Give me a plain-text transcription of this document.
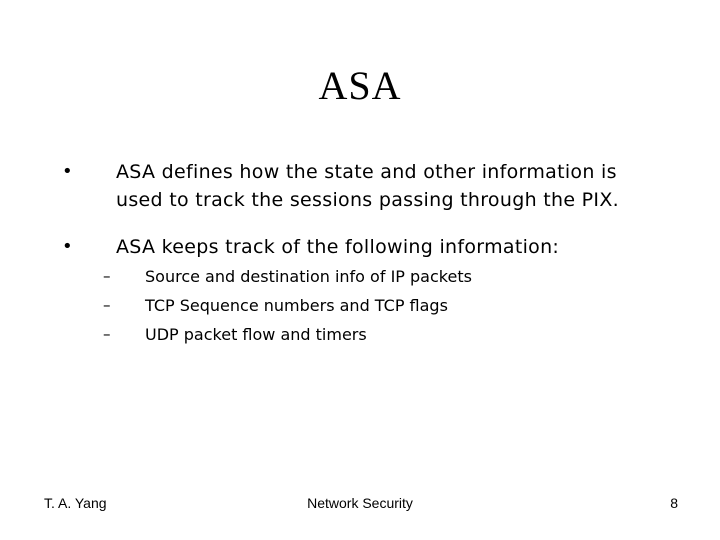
ASA
•	ASA defines how the state and other information is
used to track the sessions passing through the PIX.
•	ASA keeps track of the following information:
– Source and destination info of IP packets
– TCP Sequence numbers and TCP flags
– UDP packet flow and timers
T. A. Yang	Network Security	8
